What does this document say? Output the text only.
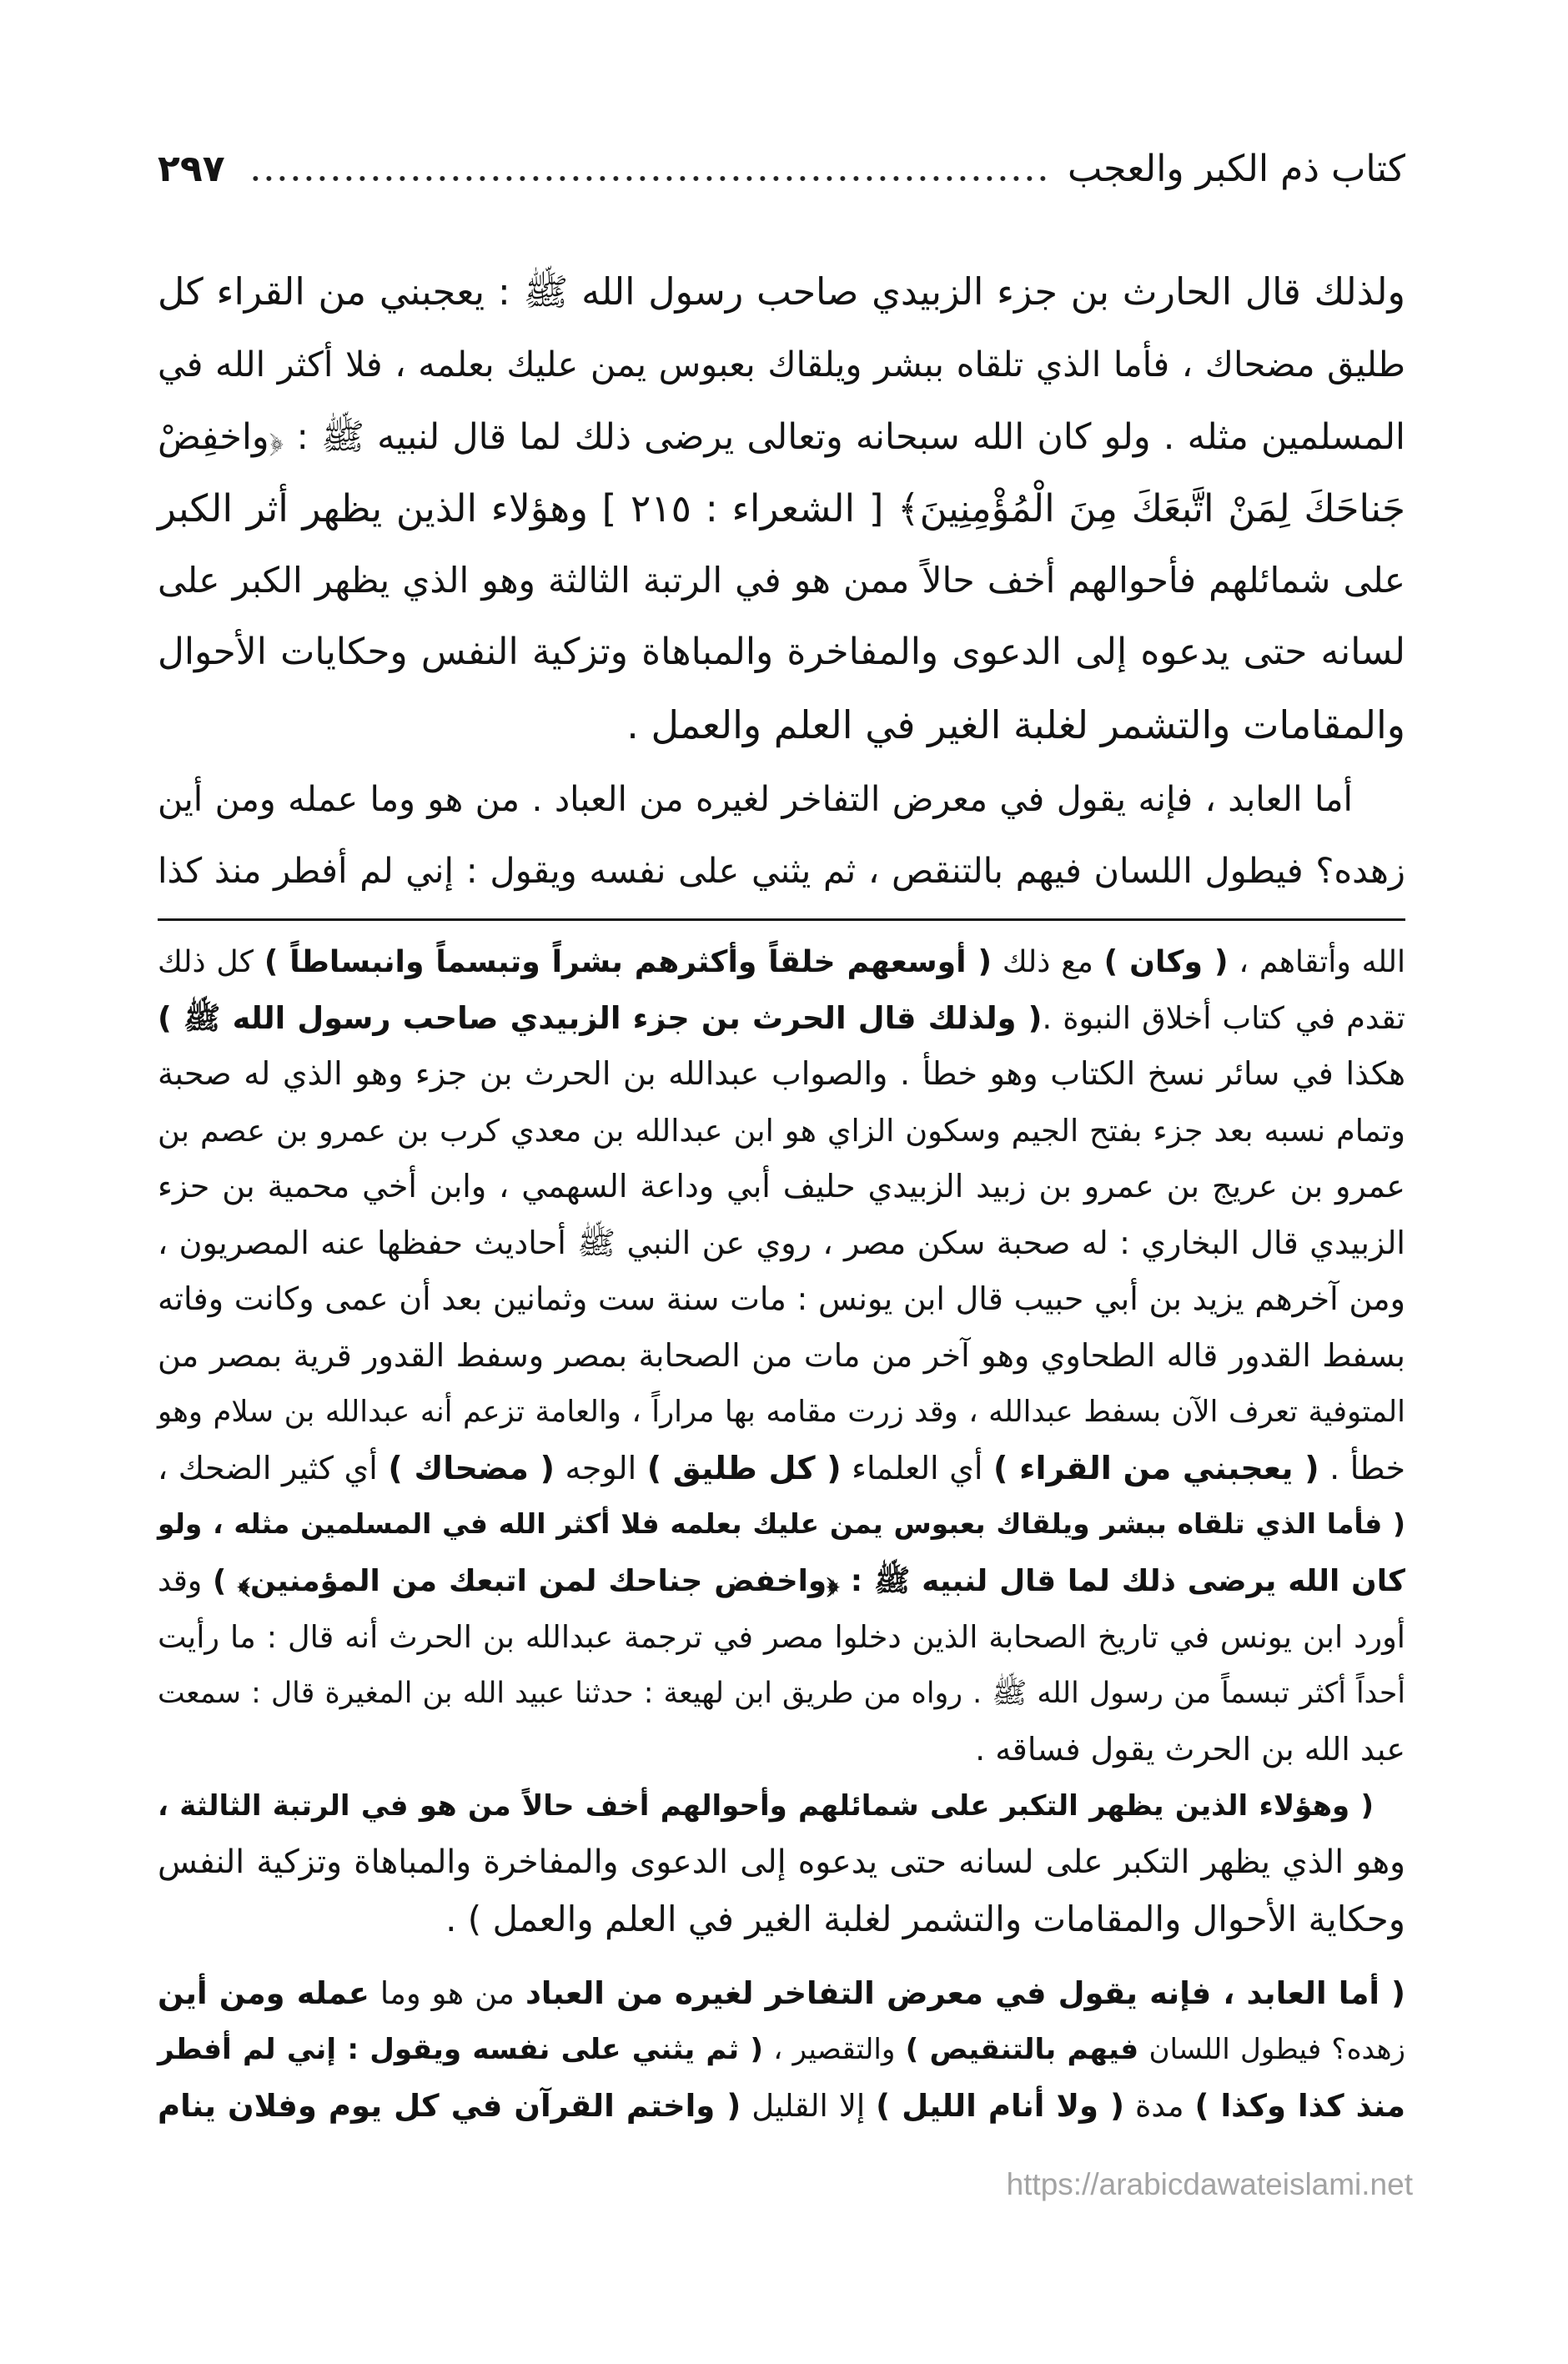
كتاب ذم الكبر والعجب
٢٩٧
ولذلك قال الحارث بن جزء الزبيدي صاحب رسول الله ﷺ : يعجبني من القراء كل
طليق مضحاك ، فأما الذي تلقاه ببشر ويلقاك بعبوس يمن عليك بعلمه ، فلا أكثر الله في
المسلمين مثله . ولو كان الله سبحانه وتعالى يرضى ذلك لما قال لنبيه ﷺ : ﴿واخفِضْ
جَناحَكَ لِمَنْ اتَّبعَكَ مِنَ الْمُؤْمِنِينَ﴾ [ الشعراء : ٢١٥ ] وهؤلاء الذين يظهر أثر الكبر
على شمائلهم فأحوالهم أخف حالاً ممن هو في الرتبة الثالثة وهو الذي يظهر الكبر على
لسانه حتى يدعوه إلى الدعوى والمفاخرة والمباهاة وتزكية النفس وحكايات الأحوال
والمقامات والتشمر لغلبة الغير في العلم والعمل .
أما العابد ، فإنه يقول في معرض التفاخر لغيره من العباد . من هو وما عمله ومن أين
زهده؟ فيطول اللسان فيهم بالتنقص ، ثم يثني على نفسه ويقول : إني لم أفطر منذ كذا
الله وأتقاهم ، ( وكان ) مع ذلك ( أوسعهم خلقاً وأكثرهم بشراً وتبسماً وانبساطاً ) كل ذلك
تقدم في كتاب أخلاق النبوة .( ولذلك قال الحرث بن جزء الزبيدي صاحب رسول الله ﷺ )
هكذا في سائر نسخ الكتاب وهو خطأ . والصواب عبدالله بن الحرث بن جزء وهو الذي له صحبة
وتمام نسبه بعد جزء بفتح الجيم وسكون الزاي هو ابن عبدالله بن معدي كرب بن عمرو بن عصم بن
عمرو بن عريج بن عمرو بن زبيد الزبيدي حليف أبي وداعة السهمي ، وابن أخي محمية بن حزء
الزبيدي قال البخاري : له صحبة سكن مصر ، روي عن النبي ﷺ أحاديث حفظها عنه المصريون ،
ومن آخرهم يزيد بن أبي حبيب قال ابن يونس : مات سنة ست وثمانين بعد أن عمى وكانت وفاته
بسفط القدور قاله الطحاوي وهو آخر من مات من الصحابة بمصر وسفط القدور قرية بمصر من
المتوفية تعرف الآن بسفط عبدالله ، وقد زرت مقامه بها مراراً ، والعامة تزعم أنه عبدالله بن سلام وهو
خطأ . ( يعجبني من القراء ) أي العلماء ( كل طليق ) الوجه ( مضحاك ) أي كثير الضحك ،
( فأما الذي تلقاه ببشر ويلقاك بعبوس يمن عليك بعلمه فلا أكثر الله في المسلمين مثله ، ولو
كان الله يرضى ذلك لما قال لنبيه ﷺ : ﴿واخفض جناحك لمن اتبعك من المؤمنين﴾ ) وقد
أورد ابن يونس في تاريخ الصحابة الذين دخلوا مصر في ترجمة عبدالله بن الحرث أنه قال : ما رأيت
أحداً أكثر تبسماً من رسول الله ﷺ . رواه من طريق ابن لهيعة : حدثنا عبيد الله بن المغيرة قال : سمعت
عبد الله بن الحرث يقول فساقه .
( وهؤلاء الذين يظهر التكبر على شمائلهم وأحوالهم أخف حالاً من هو في الرتبة الثالثة ،
وهو الذي يظهر التكبر على لسانه حتى يدعوه إلى الدعوى والمفاخرة والمباهاة وتزكية النفس
وحكاية الأحوال والمقامات والتشمر لغلبة الغير في العلم والعمل ) .
( أما العابد ، فإنه يقول في معرض التفاخر لغيره من العباد من هو وما عمله ومن أين
زهده؟ فيطول اللسان فيهم بالتنقيص ) والتقصير ، ( ثم يثني على نفسه ويقول : إني لم أفطر
منذ كذا وكذا ) مدة ( ولا أنام الليل ) إلا القليل ( واختم القرآن في كل يوم وفلان ينام
https://arabicdawateislami.net
